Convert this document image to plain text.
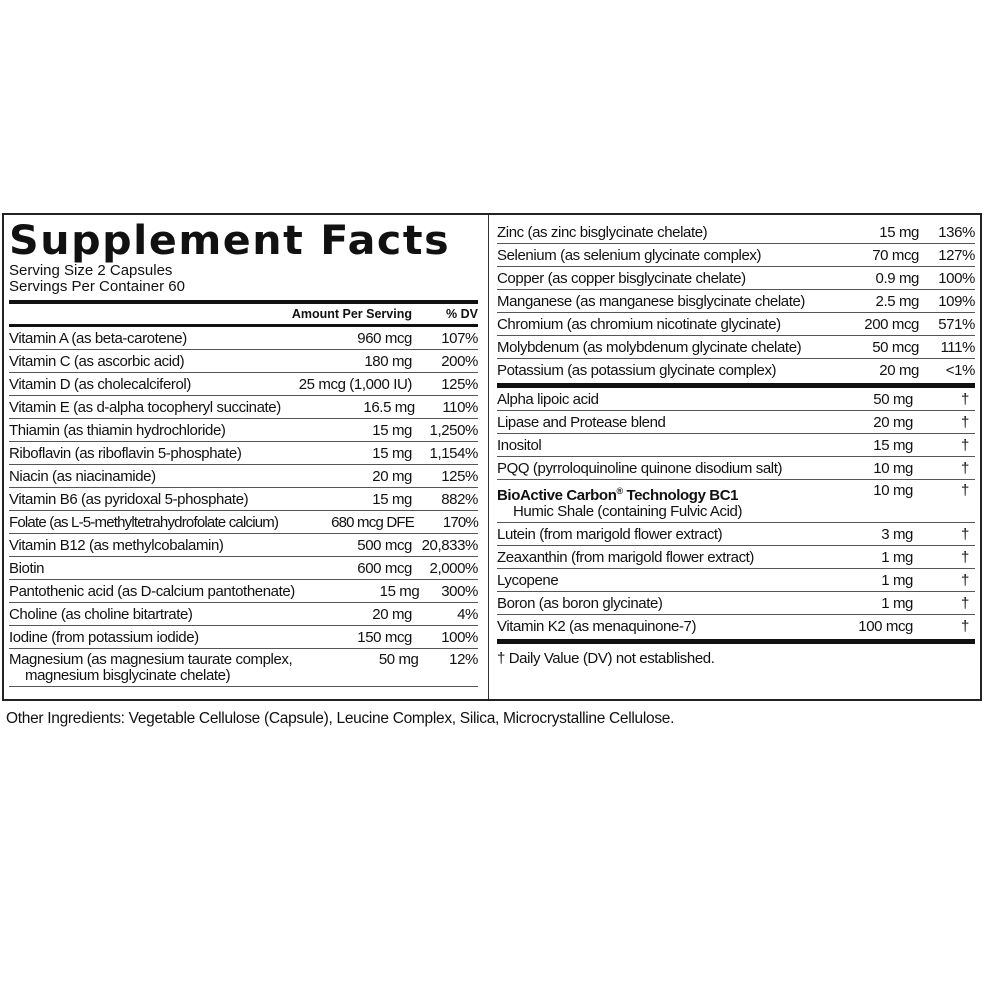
Supplement Facts
Serving Size 2 Capsules
Servings Per Container 60
Amount Per Serving	% DV
Vitamin A (as beta-carotene)	960 mcg	107%
Vitamin C (as ascorbic acid)	180 mg	200%
Vitamin D (as cholecalciferol)	25 mcg (1,000 IU)	125%
Vitamin E (as d-alpha tocopheryl succinate)	16.5 mg	110%
Thiamin (as thiamin hydrochloride)	15 mg	1,250%
Riboflavin (as riboflavin 5-phosphate)	15 mg	1,154%
Niacin (as niacinamide)	20 mg	125%
Vitamin B6 (as pyridoxal 5-phosphate)	15 mg	882%
Folate (as L-5-methyltetrahydrofolate calcium)	680 mcg DFE	170%
Vitamin B12 (as methylcobalamin)	500 mcg 20,833%
Biotin	600 mcg	2,000%
Pantothenic acid (as D-calcium pantothenate)	15 mg	300%
Choline (as choline bitartrate)	20 mg	4%
Iodine (from potassium iodide)	150 mcg	100%
Magnesium (as magnesium taurate complex,
magnesium bisglycinate chelate)
50 mg	12%
Zinc (as zinc bisglycinate chelate)	15 mg	136%
Selenium (as selenium glycinate complex)	70 mcg	127%
Copper (as copper bisglycinate chelate)	0.9 mg	100%
Manganese (as manganese bisglycinate chelate)	2.5 mg	109%
Chromium (as chromium nicotinate glycinate)	200 mcg	571%
Molybdenum (as molybdenum glycinate chelate)	50 mcg	111%
Potassium (as potassium glycinate complex)	20 mg	<1%
Alpha lipoic acid	50 mg	†
Lipase and Protease blend	20 mg	†
Inositol	15 mg	†
PQQ (pyrroloquinoline quinone disodium salt)	10 mg	†
BioActive Carbon® Technology BC1
Humic Shale (containing Fulvic Acid)
10 mg	†
Lutein (from marigold flower extract)	3 mg	†
Zeaxanthin (from marigold flower extract)	1 mg	†
Lycopene	1 mg	†
Boron (as boron glycinate)	1 mg	†
Vitamin K2 (as menaquinone-7)	100 mcg	†
† Daily Value (DV) not established.
Other Ingredients: Vegetable Cellulose (Capsule), Leucine Complex, Silica, Microcrystalline Cellulose.
